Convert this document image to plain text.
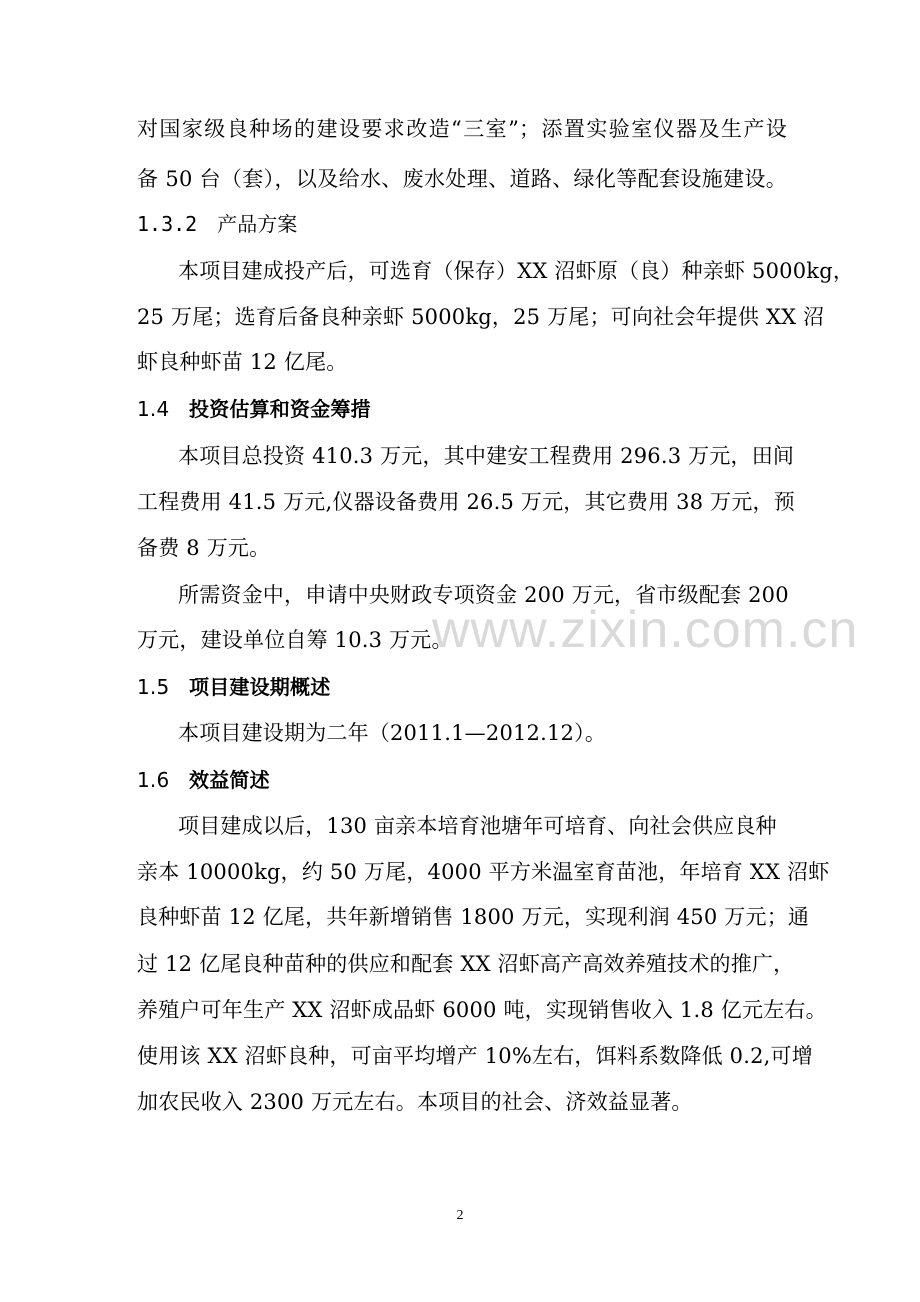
对国家级良种场的建设要求改造“三室”；添置实验室仪器及生产设
备 50 台（套），以及给水、废水处理、道路、绿化等配套设施建设。
1.3.2　产品方案
本项目建成投产后，可选育（保存）XX 沼虾原（良）种亲虾 5000kg，
25 万尾；选育后备良种亲虾 5000kg，25 万尾；可向社会年提供 XX 沼
虾良种虾苗 12 亿尾。
1.4 投资估算和资金筹措
本项目总投资 410.3 万元，其中建安工程费用 296.3 万元，田间
工程费用 41.5 万元,仪器设备费用 26.5 万元，其它费用 38 万元，预
备费 8 万元。
所需资金中，申请中央财政专项资金 200 万元，省市级配套 200
万元，建设单位自筹 10.3 万元。
1.5 项目建设期概述
本项目建设期为二年（2011.1—2012.12）。
1.6 效益简述
项目建成以后，130 亩亲本培育池塘年可培育、向社会供应良种
亲本 10000kg，约 50 万尾，4000 平方米温室育苗池，年培育 XX 沼虾
良种虾苗 12 亿尾，共年新增销售 1800 万元，实现利润 450 万元；通
过 12 亿尾良种苗种的供应和配套 XX 沼虾高产高效养殖技术的推广，
养殖户可年生产 XX 沼虾成品虾 6000 吨，实现销售收入 1.8 亿元左右。
使用该 XX 沼虾良种，可亩平均增产 10%左右，饵料系数降低 0.2,可增
加农民收入 2300 万元左右。本项目的社会、济效益显著。
www.zixin.com.cn
2
